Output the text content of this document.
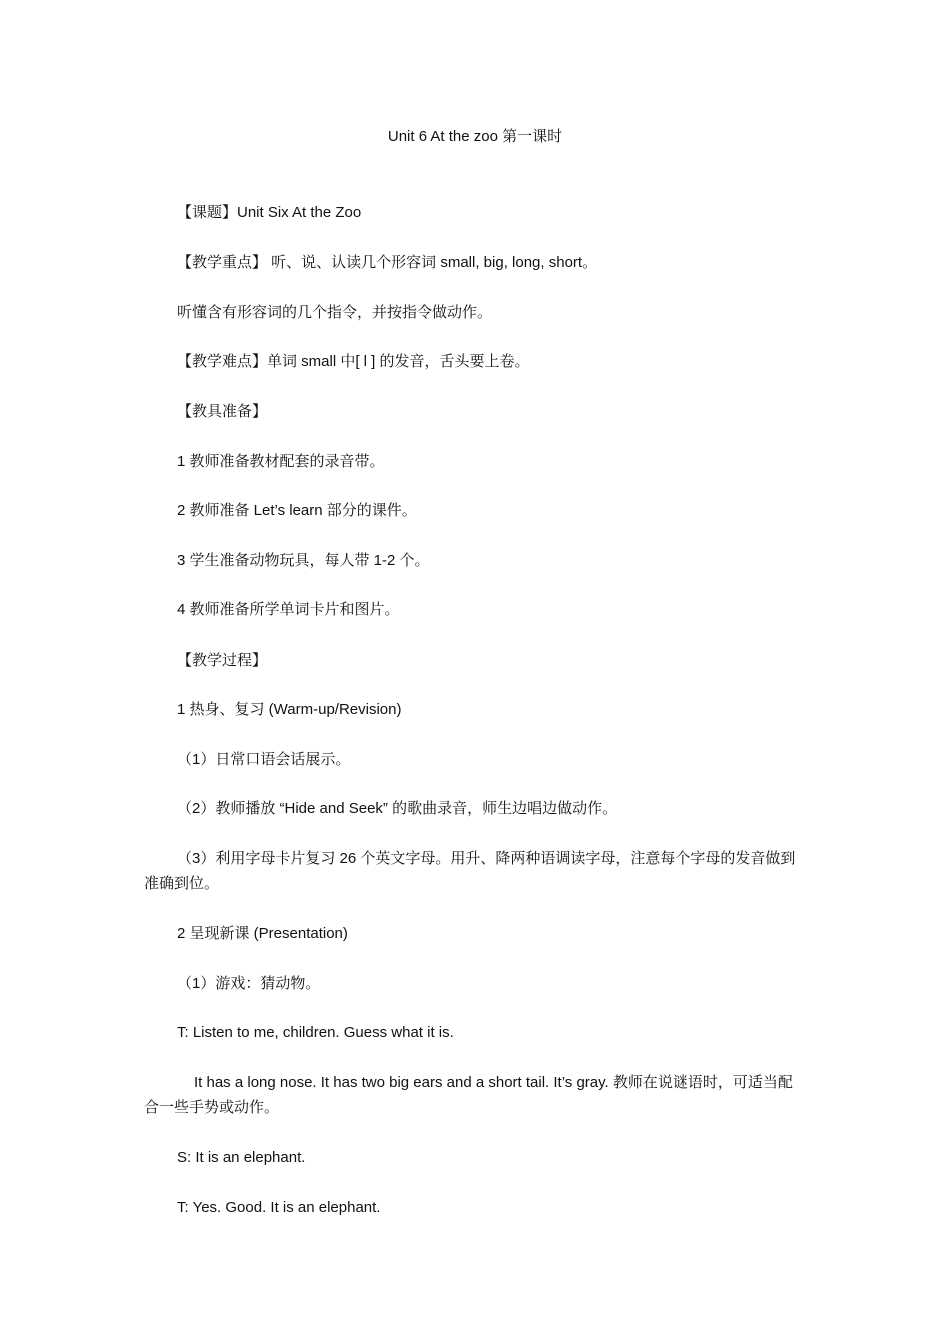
Unit 6 At the zoo 第一课时
【课题】Unit Six At the Zoo
【教学重点】 听、说、认读几个形容词 small, big, long, short。
听懂含有形容词的几个指令，并按指令做动作。
【教学难点】单词 small 中[ l ] 的发音，舌头要上卷。
【教具准备】
1 教师准备教材配套的录音带。
2 教师准备 Let’s learn 部分的课件。
3 学生准备动物玩具，每人带 1-2 个。
4 教师准备所学单词卡片和图片。
【教学过程】
1 热身、复习 (Warm-up/Revision)
（1）日常口语会话展示。
（2）教师播放 “Hide and Seek” 的歌曲录音，师生边唱边做动作。
（3）利用字母卡片复习 26 个英文字母。用升、降两种语调读字母，注意每个字母的发音做到准确到位。
2 呈现新课 (Presentation)
（1）游戏：猜动物。
T: Listen to me, children. Guess what it is.
It has a long nose. It has two big ears and a short tail. It’s gray. 教师在说谜语时，可适当配合一些手势或动作。
S: It is an elephant.
T: Yes. Good. It is an elephant.
